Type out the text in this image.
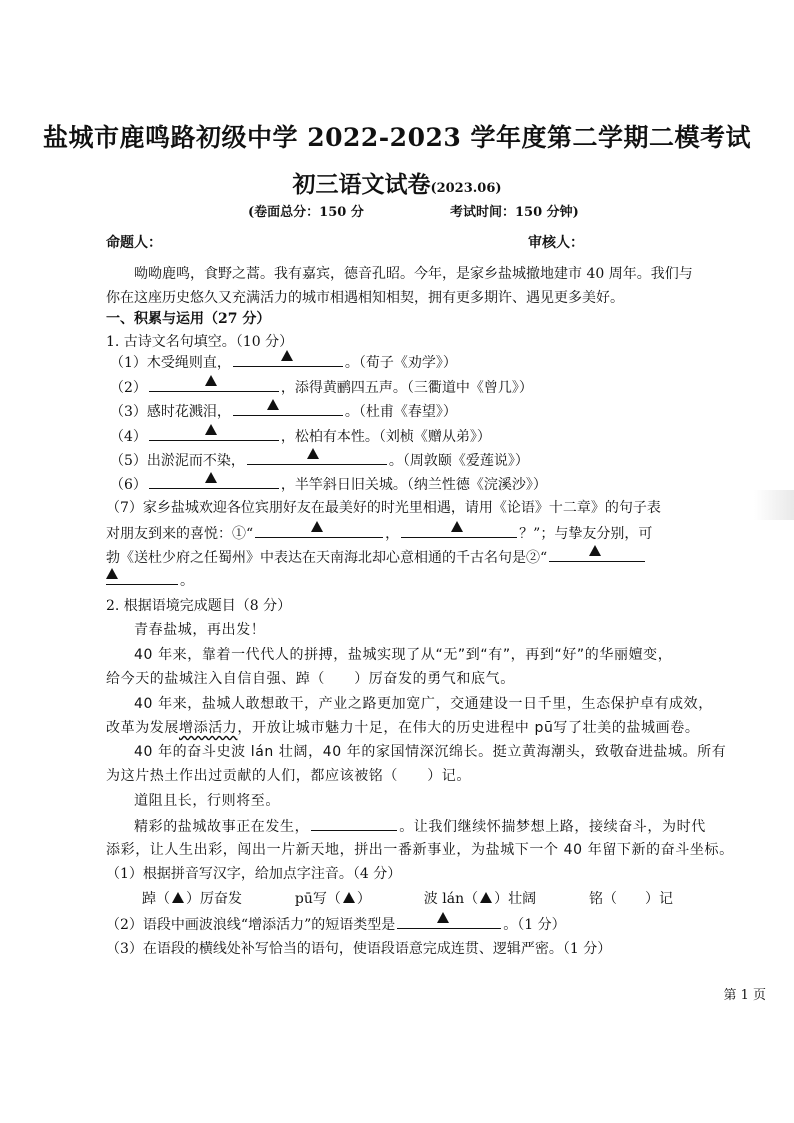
盐城市鹿鸣路初级中学 2022-2023 学年度第二学期二模考试
初三语文试卷(2023.06)
(卷面总分：150 分	考试时间：150 分钟)
命题人：	审核人：
呦呦鹿鸣，食野之蒿。我有嘉宾，德音孔昭。今年，是家乡盐城撤地建市 40 周年。我们与
你在这座历史悠久又充满活力的城市相遇相知相契，拥有更多期许、遇见更多美好。
一、积累与运用（27 分）
1. 古诗文名句填空。（10 分）
（1）木受绳则直，	。（荀子《劝学》）
（2）	，添得黄鹂四五声。（三衢道中《曾几》）
（3）感时花溅泪，	。（杜甫《春望》）
（4）	，松柏有本性。（刘桢《赠从弟》）
（5）出淤泥而不染，	。（周敦颐《爱莲说》）
（6）	，半竿斜日旧关城。（纳兰性德《浣溪沙》）
（7）家乡盐城欢迎各位宾朋好友在最美好的时光里相遇，请用《论语》十二章》的句子表
对朋友到来的喜悦：①“	，	？”；与挚友分别，可
勃《送杜少府之任蜀州》中表达在天南海北却心意相通的千古名句是②“
。
2. 根据语境完成题目（8 分）
青春盐城，再出发！
40 年来，靠着一代代人的拼搏，盐城实现了从“无”到“有”，再到“好”的华丽嬗变，
给今天的盐城注入自信自强、踔（　　）厉奋发的勇气和底气。
40 年来，盐城人敢想敢干，产业之路更加宽广，交通建设一日千里，生态保护卓有成效，
改革为发展增添活力，开放让城市魅力十足，在伟大的历史进程中 pū写了壮美的盐城画卷。
40 年的奋斗史波 lán 壮阔，40 年的家国情深沉绵长。挺立黄海潮头，致敬奋进盐城。所有
为这片热土作出过贡献的人们，都应该被铭（　　）记。
道阻且长，行则将至。
精彩的盐城故事正在发生，	。让我们继续怀揣梦想上路，接续奋斗，为时代
添彩，让人生出彩，闯出一片新天地，拼出一番新事业，为盐城下一个 40 年留下新的奋斗坐标。
（1）根据拼音写汉字，给加点字注音。（4 分）
踔（ ）厉奋发	pū写（ ）	波 lán（ ）壮阔	铭（　　）记
（2）语段中画波浪线“增添活力”的短语类型是	。（1 分）
（3）在语段的横线处补写恰当的语句，使语段语意完成连贯、逻辑严密。（1 分）
第 1 页
